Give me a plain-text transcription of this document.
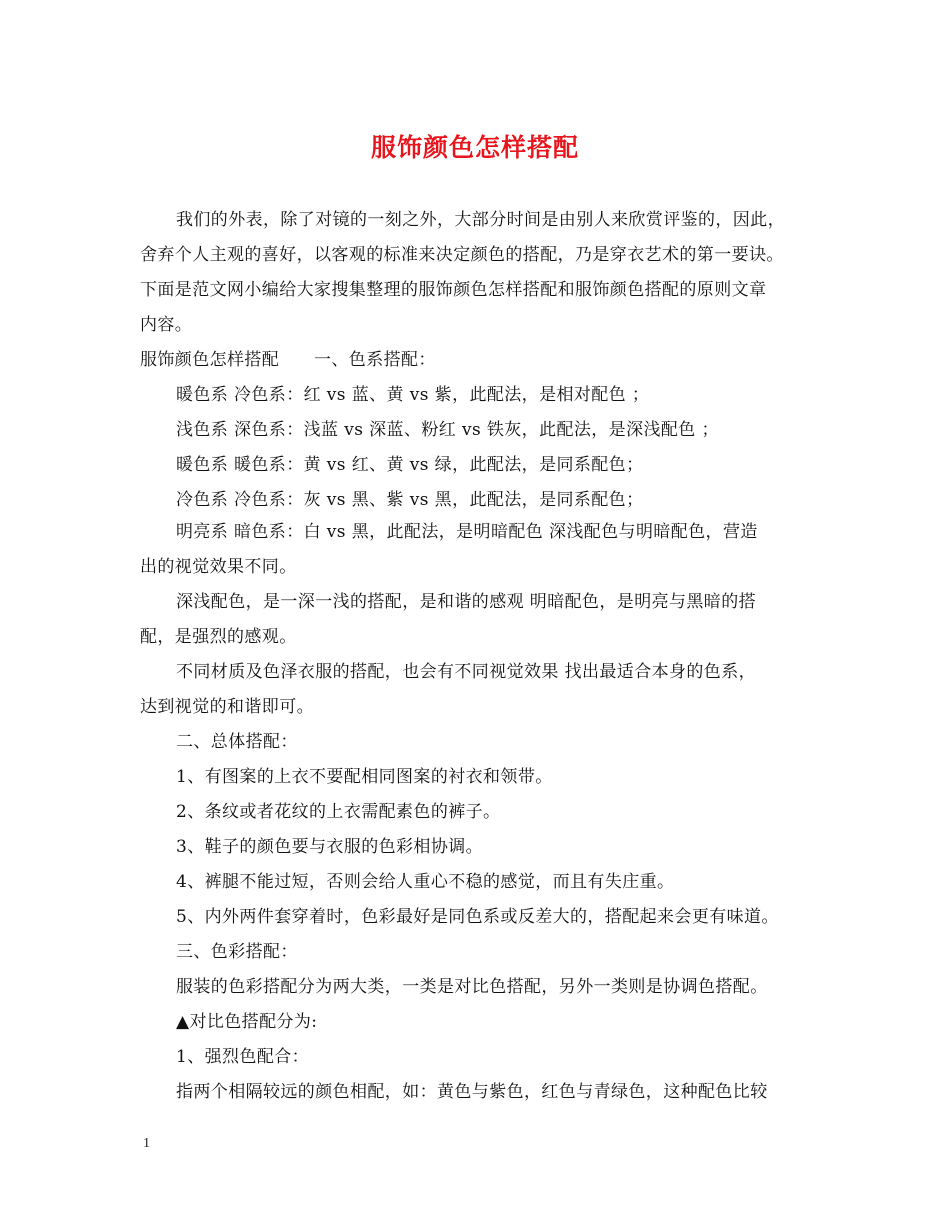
服饰颜色怎样搭配
我们的外表，除了对镜的一刻之外，大部分时间是由别人来欣赏评鉴的，因此，
舍弃个人主观的喜好，以客观的标准来决定颜色的搭配，乃是穿衣艺术的第一要诀。
下面是范文网小编给大家搜集整理的服饰颜色怎样搭配和服饰颜色搭配的原则文章
内容。
服饰颜色怎样搭配　　一、色系搭配：
暖色系 冷色系：红 vs 蓝、黄 vs 紫，此配法，是相对配色 ；
浅色系 深色系：浅蓝 vs 深蓝、粉红 vs 铁灰，此配法，是深浅配色 ；
暖色系 暖色系：黄 vs 红、黄 vs 绿，此配法，是同系配色；
冷色系 冷色系：灰 vs 黑、紫 vs 黑，此配法，是同系配色；
明亮系 暗色系：白 vs 黑，此配法，是明暗配色 深浅配色与明暗配色，营造
出的视觉效果不同。
深浅配色，是一深一浅的搭配，是和谐的感观 明暗配色，是明亮与黑暗的搭
配，是强烈的感观。
不同材质及色泽衣服的搭配，也会有不同视觉效果 找出最适合本身的色系，
达到视觉的和谐即可。
二、总体搭配：
1、有图案的上衣不要配相同图案的衬衣和领带。
2、条纹或者花纹的上衣需配素色的裤子。
3、鞋子的颜色要与衣服的色彩相协调。
4、裤腿不能过短，否则会给人重心不稳的感觉，而且有失庄重。
5、内外两件套穿着时，色彩最好是同色系或反差大的，搭配起来会更有味道。
三、色彩搭配：
服装的色彩搭配分为两大类，一类是对比色搭配，另外一类则是协调色搭配。
▲对比色搭配分为:
1、强烈色配合：
指两个相隔较远的颜色相配，如：黄色与紫色，红色与青绿色，这种配色比较
1
